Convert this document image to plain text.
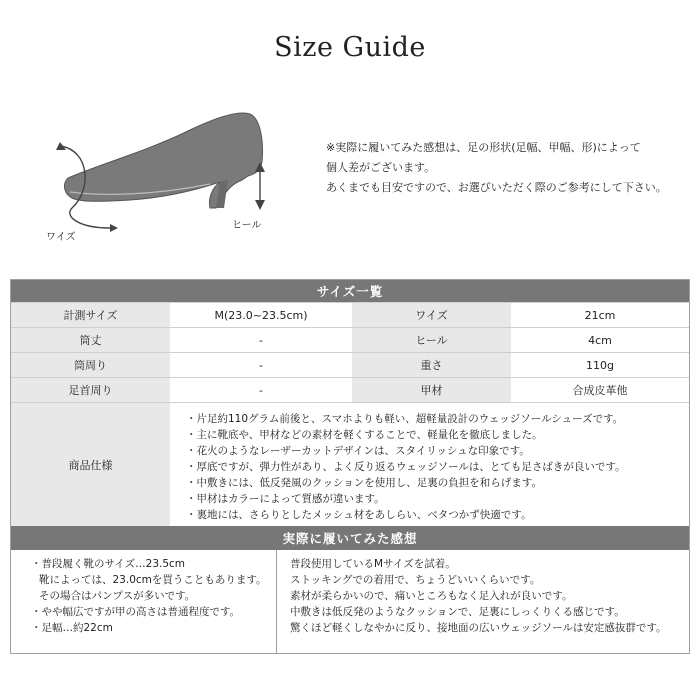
Size Guide
ワイズ
ヒール
※実際に履いてみた感想は、足の形状(足幅、甲幅、形)によって
個人差がございます。
あくまでも目安ですので、お選びいただく際のご参考にして下さい。
サイズ一覧
計測サイズ	M(23.0~23.5cm)	ワイズ	21cm
筒丈	-	ヒール	4cm
筒周り	-	重さ	110g
足首周り	-	甲材	合成皮革他
商品仕様
・片足約110グラム前後と、スマホよりも軽い、超軽量設計のウェッジソールシューズです。
・主に靴底や、甲材などの素材を軽くすることで、軽量化を徹底しました。
・花火のようなレーザーカットデザインは、スタイリッシュな印象です。
・厚底ですが、弾力性があり、よく反り返るウェッジソールは、とても足さばきが良いです。
・中敷きには、低反発風のクッションを使用し、足裏の負担を和らげます。
・甲材はカラーによって質感が違います。
・裏地には、さらりとしたメッシュ材をあしらい、ベタつかず快適です。
実際に履いてみた感想
・普段履く靴のサイズ…23.5cm
靴によっては、23.0cmを買うこともあります。
その場合はパンプスが多いです。
・やや幅広ですが甲の高さは普通程度です。
・足幅…約22cm
普段使用しているMサイズを試着。
ストッキングでの着用で、ちょうどいいくらいです。
素材が柔らかいので、痛いところもなく足入れが良いです。
中敷きは低反発のようなクッションで、足裏にしっくりくる感じです。
驚くほど軽くしなやかに反り、接地面の広いウェッジソールは安定感抜群です。
